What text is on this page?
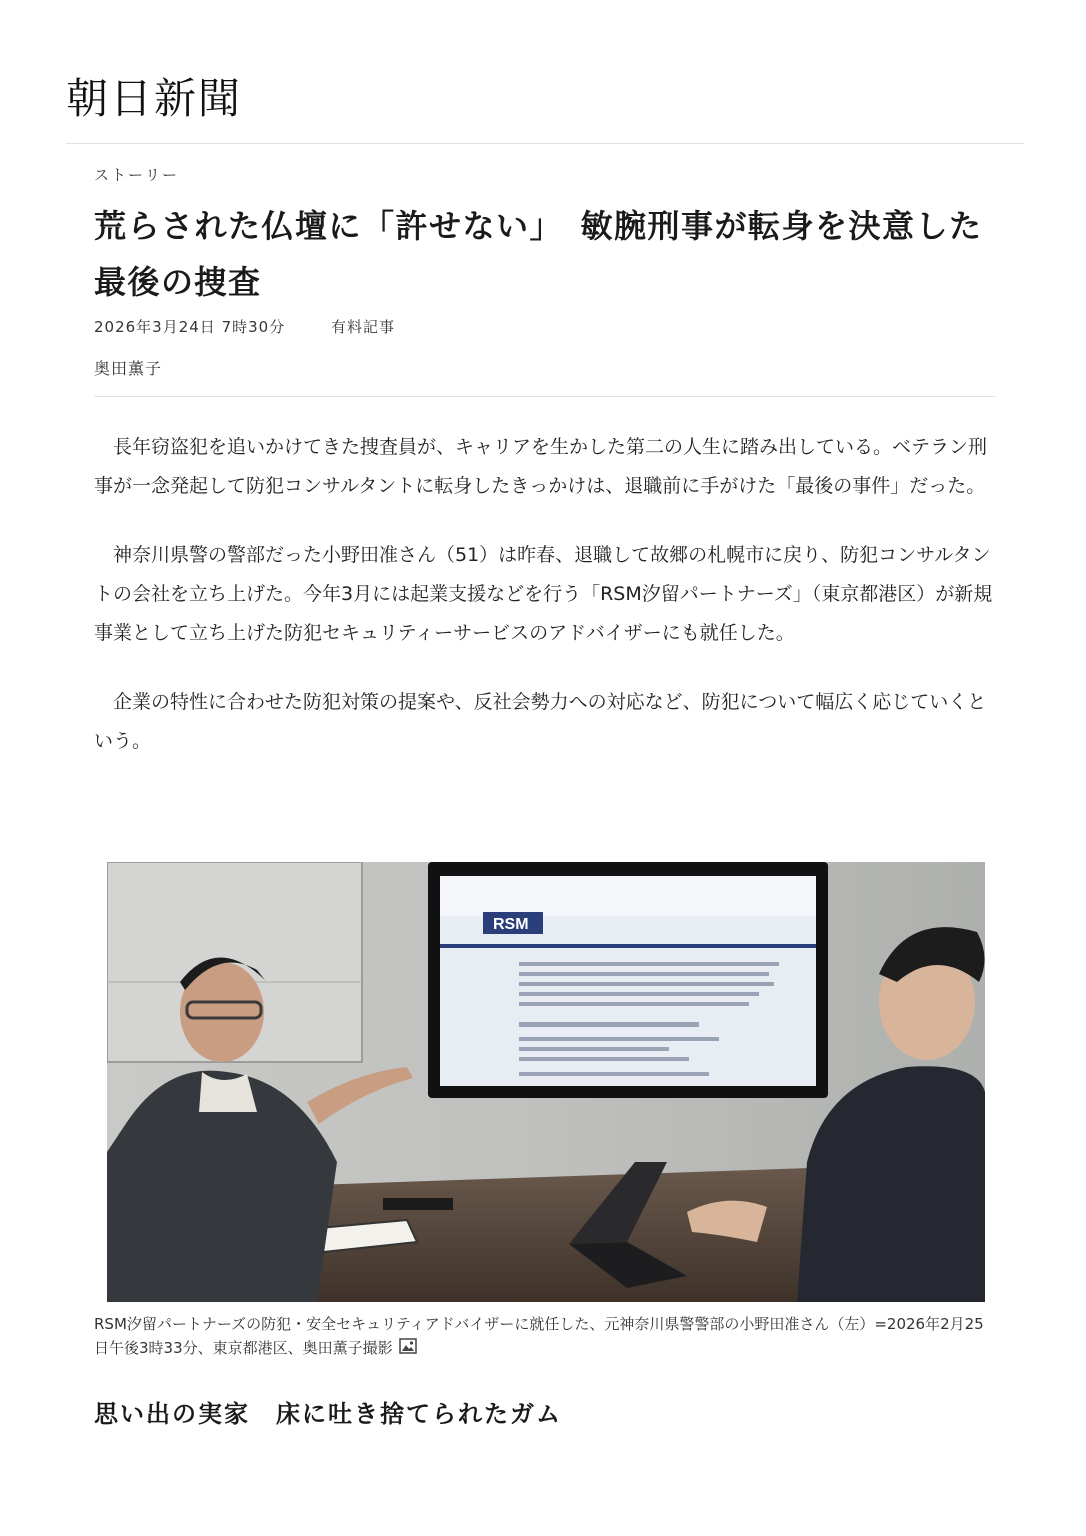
朝日新聞
ストーリー
荒らされた仏壇に「許せない」　敏腕刑事が転身を決意した最後の捜査
2026年3月24日 7時30分	有料記事
奥田薫子

長年窃盗犯を追いかけてきた捜査員が、キャリアを生かした第二の人生に踏み出している。ベテラン刑事が一念発起して防犯コンサルタントに転身したきっかけは、退職前に手がけた「最後の事件」だった。

神奈川県警の警部だった小野田准さん（51）は昨春、退職して故郷の札幌市に戻り、防犯コンサルタントの会社を立ち上げた。今年3月には起業支援などを行う「RSM汐留パートナーズ」（東京都港区）が新規事業として立ち上げた防犯セキュリティーサービスのアドバイザーにも就任した。

企業の特性に合わせた防犯対策の提案や、反社会勢力への対応など、防犯について幅広く応じていくという。

RSM
RSM汐留パートナーズの防犯・安全セキュリティアドバイザーに就任した、元神奈川県警警部の小野田准さん（左）=2026年2月25日午後3時33分、東京都港区、奥田薫子撮影
思い出の実家　床に吐き捨てられたガム
